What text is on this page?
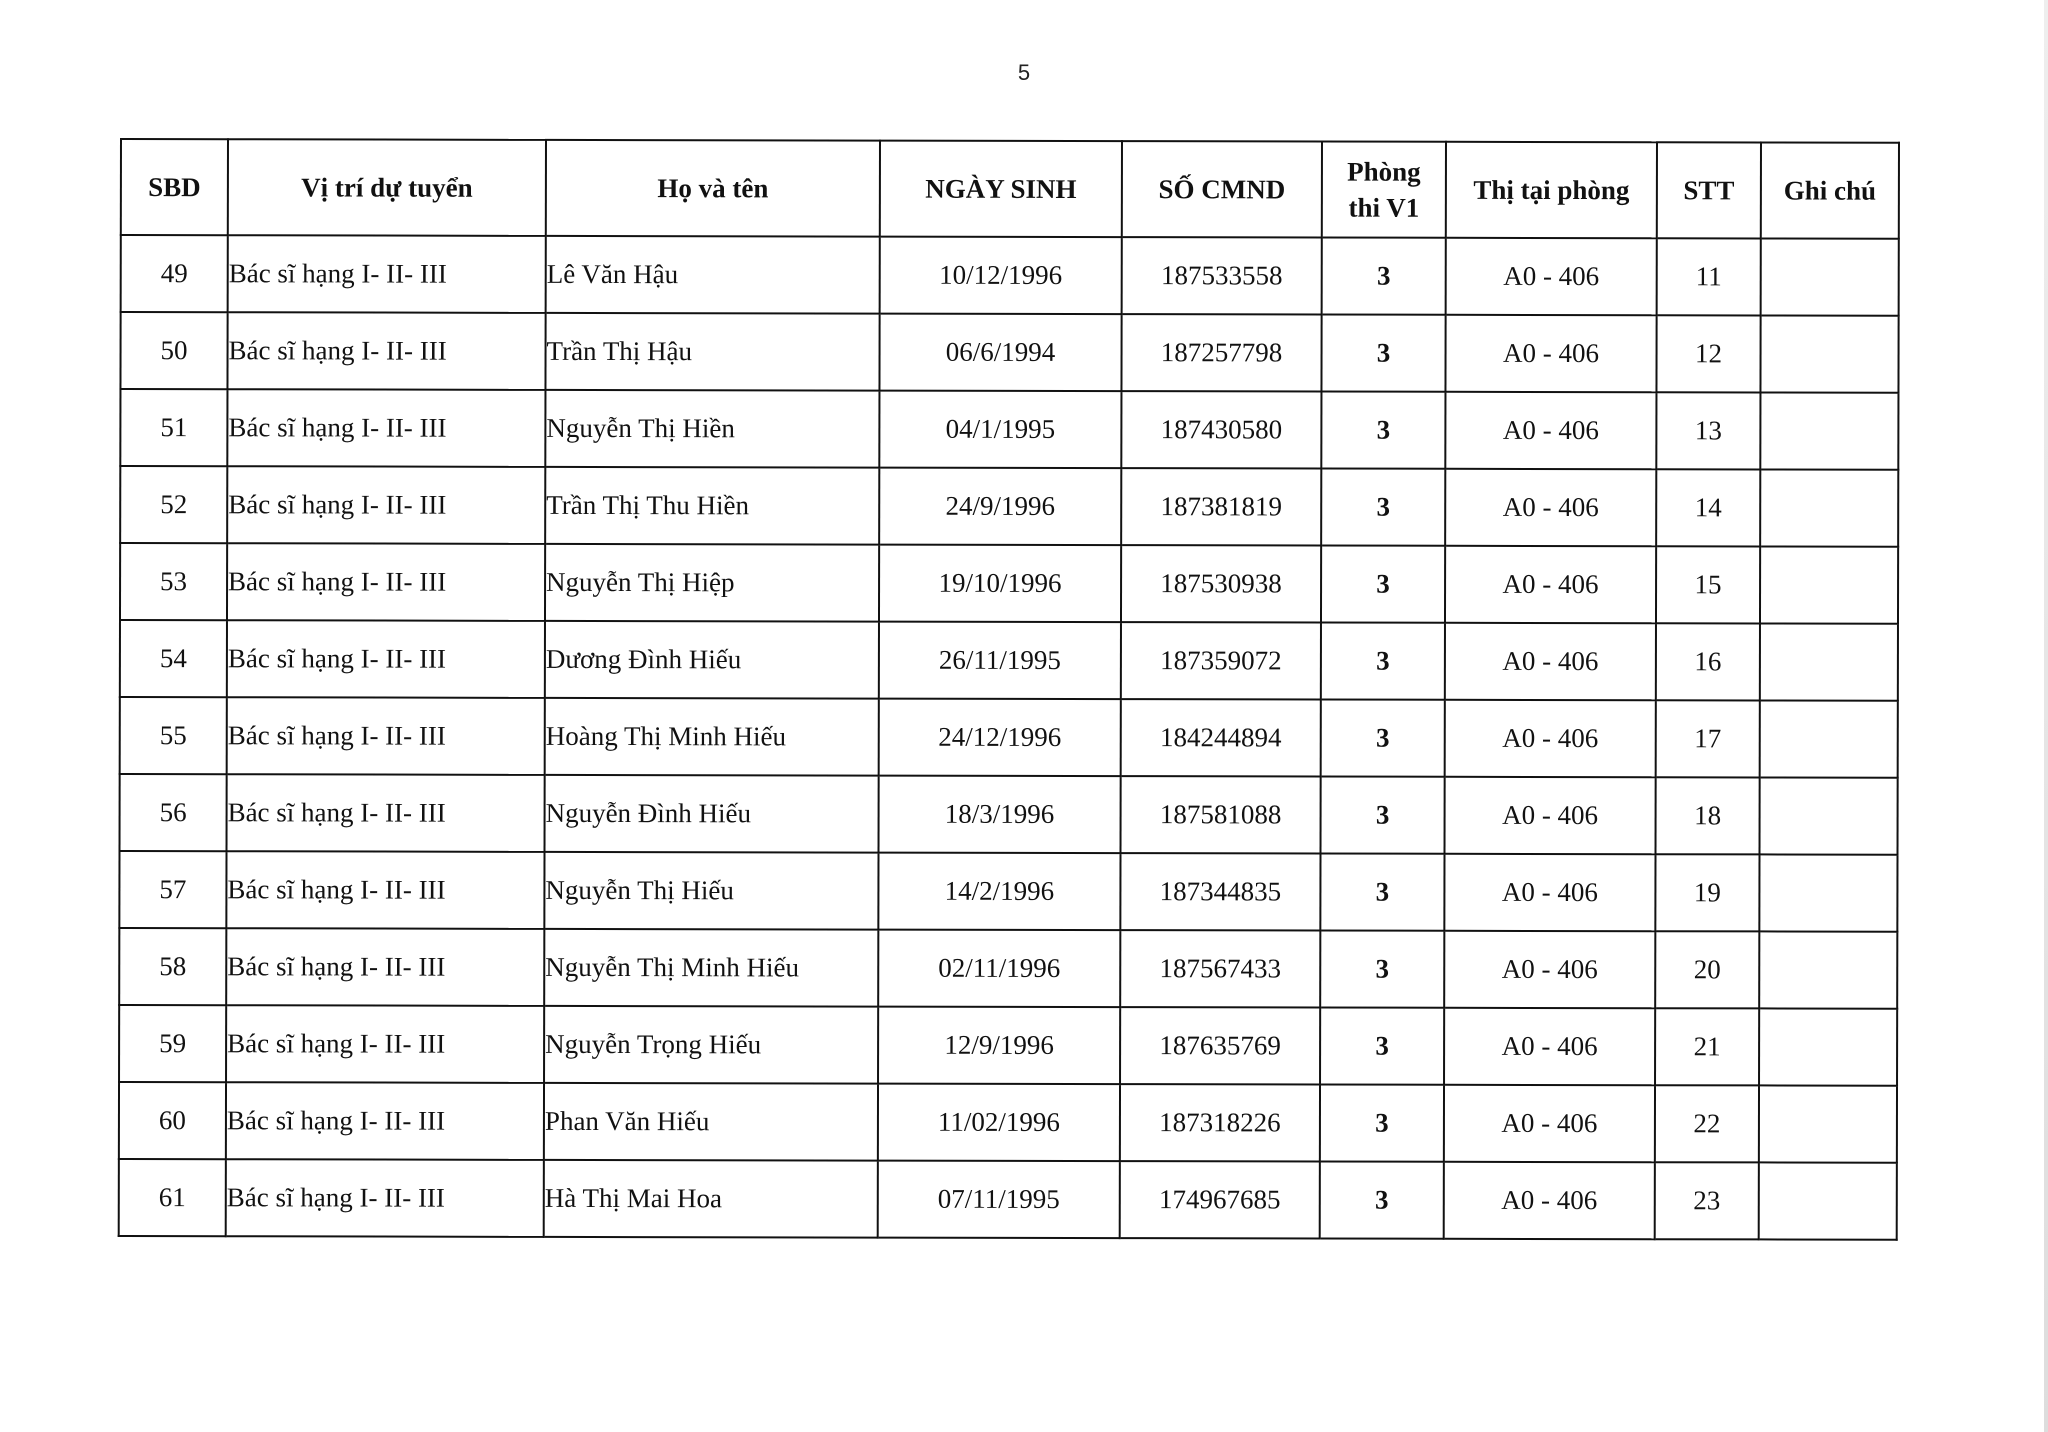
5
SBD	Vị trí dự tuyển	Họ và tên	NGÀY SINH	SỐ CMND	Phòng
thi V1	Thị tại phòng	STT	Ghi chú
49	Bác sĩ hạng I- II- III	Lê Văn Hậu	10/12/1996	187533558	3	A0 - 406	11	
50	Bác sĩ hạng I- II- III	Trần Thị Hậu	06/6/1994	187257798	3	A0 - 406	12	
51	Bác sĩ hạng I- II- III	Nguyễn Thị Hiền	04/1/1995	187430580	3	A0 - 406	13	
52	Bác sĩ hạng I- II- III	Trần Thị Thu Hiền	24/9/1996	187381819	3	A0 - 406	14	
53	Bác sĩ hạng I- II- III	Nguyễn Thị Hiệp	19/10/1996	187530938	3	A0 - 406	15	
54	Bác sĩ hạng I- II- III	Dương Đình Hiếu	26/11/1995	187359072	3	A0 - 406	16	
55	Bác sĩ hạng I- II- III	Hoàng Thị Minh Hiếu	24/12/1996	184244894	3	A0 - 406	17	
56	Bác sĩ hạng I- II- III	Nguyễn Đình Hiếu	18/3/1996	187581088	3	A0 - 406	18	
57	Bác sĩ hạng I- II- III	Nguyễn Thị Hiếu	14/2/1996	187344835	3	A0 - 406	19	
58	Bác sĩ hạng I- II- III	Nguyễn Thị Minh Hiếu	02/11/1996	187567433	3	A0 - 406	20	
59	Bác sĩ hạng I- II- III	Nguyễn Trọng Hiếu	12/9/1996	187635769	3	A0 - 406	21	
60	Bác sĩ hạng I- II- III	Phan Văn Hiếu	11/02/1996	187318226	3	A0 - 406	22	
61	Bác sĩ hạng I- II- III	Hà Thị Mai Hoa	07/11/1995	174967685	3	A0 - 406	23	
